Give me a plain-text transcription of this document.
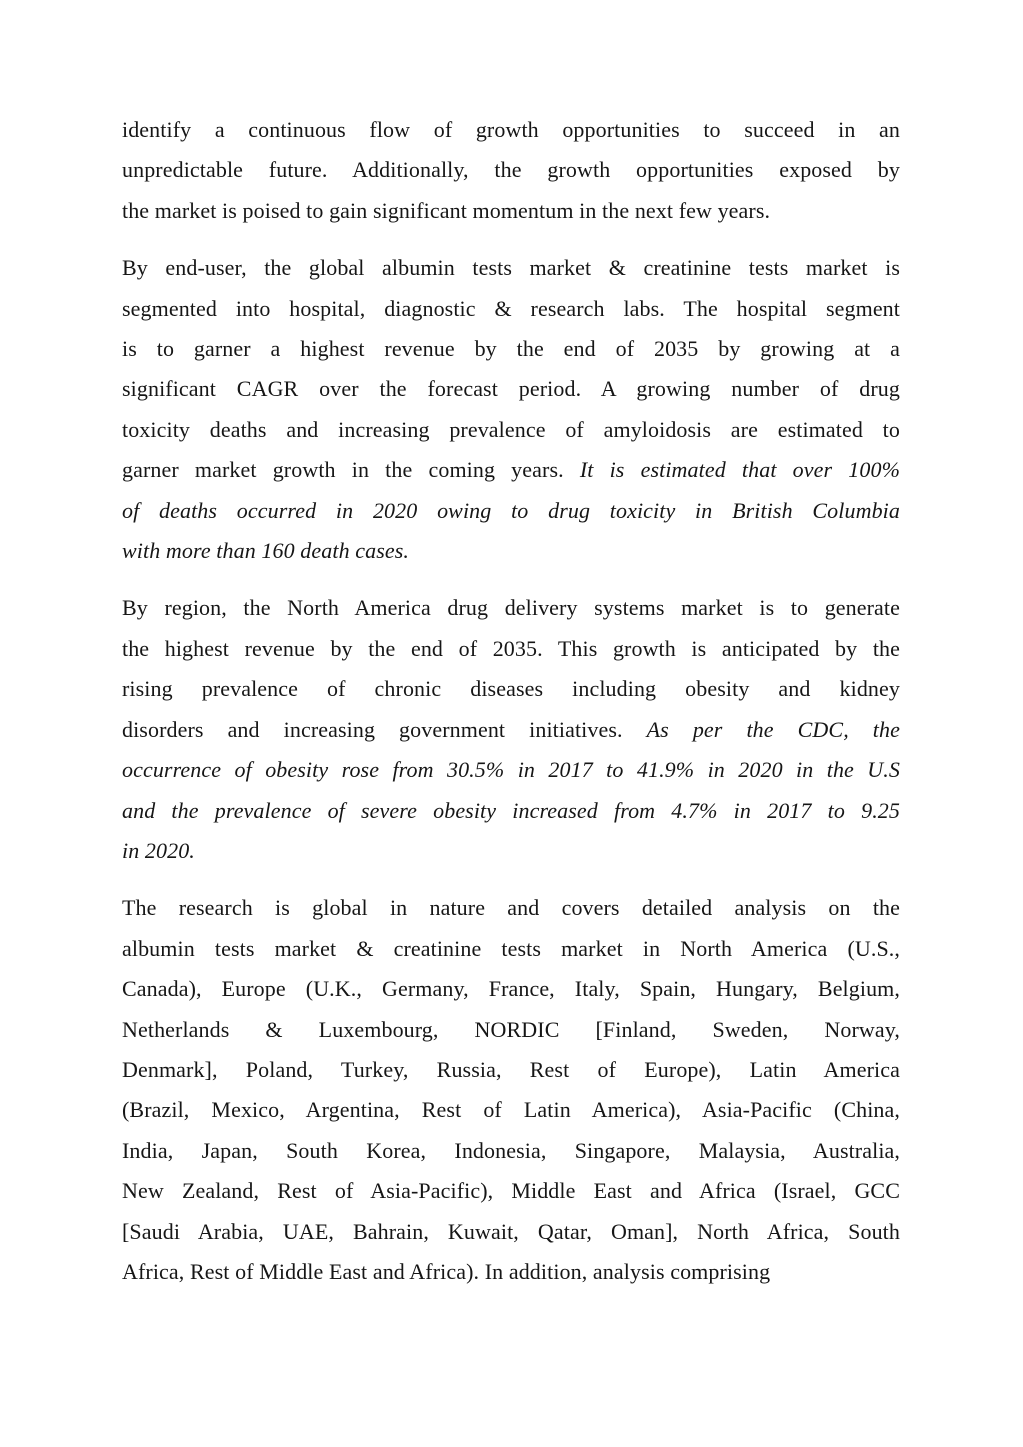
identify a continuous flow of growth opportunities to succeed in an
unpredictable future. Additionally, the growth opportunities exposed by
the market is poised to gain significant momentum in the next few years.
By end-user, the global albumin tests market & creatinine tests market is
segmented into hospital, diagnostic & research labs. The hospital segment
is to garner a highest revenue by the end of 2035 by growing at a
significant CAGR over the forecast period. A growing number of drug
toxicity deaths and increasing prevalence of amyloidosis are estimated to
garner market growth in the coming years. It is estimated that over 100%
of deaths occurred in 2020 owing to drug toxicity in British Columbia
with more than 160 death cases.
By region, the North America drug delivery systems market is to generate
the highest revenue by the end of 2035. This growth is anticipated by the
rising prevalence of chronic diseases including obesity and kidney
disorders and increasing government initiatives. As per the CDC, the
occurrence of obesity rose from 30.5% in 2017 to 41.9% in 2020 in the U.S
and the prevalence of severe obesity increased from 4.7% in 2017 to 9.25
in 2020.
The research is global in nature and covers detailed analysis on the
albumin tests market & creatinine tests market in North America (U.S.,
Canada), Europe (U.K., Germany, France, Italy, Spain, Hungary, Belgium,
Netherlands & Luxembourg, NORDIC [Finland, Sweden, Norway,
Denmark], Poland, Turkey, Russia, Rest of Europe), Latin America
(Brazil, Mexico, Argentina, Rest of Latin America), Asia-Pacific (China,
India, Japan, South Korea, Indonesia, Singapore, Malaysia, Australia,
New Zealand, Rest of Asia-Pacific), Middle East and Africa (Israel, GCC
[Saudi Arabia, UAE, Bahrain, Kuwait, Qatar, Oman], North Africa, South
Africa, Rest of Middle East and Africa). In addition, analysis comprising
